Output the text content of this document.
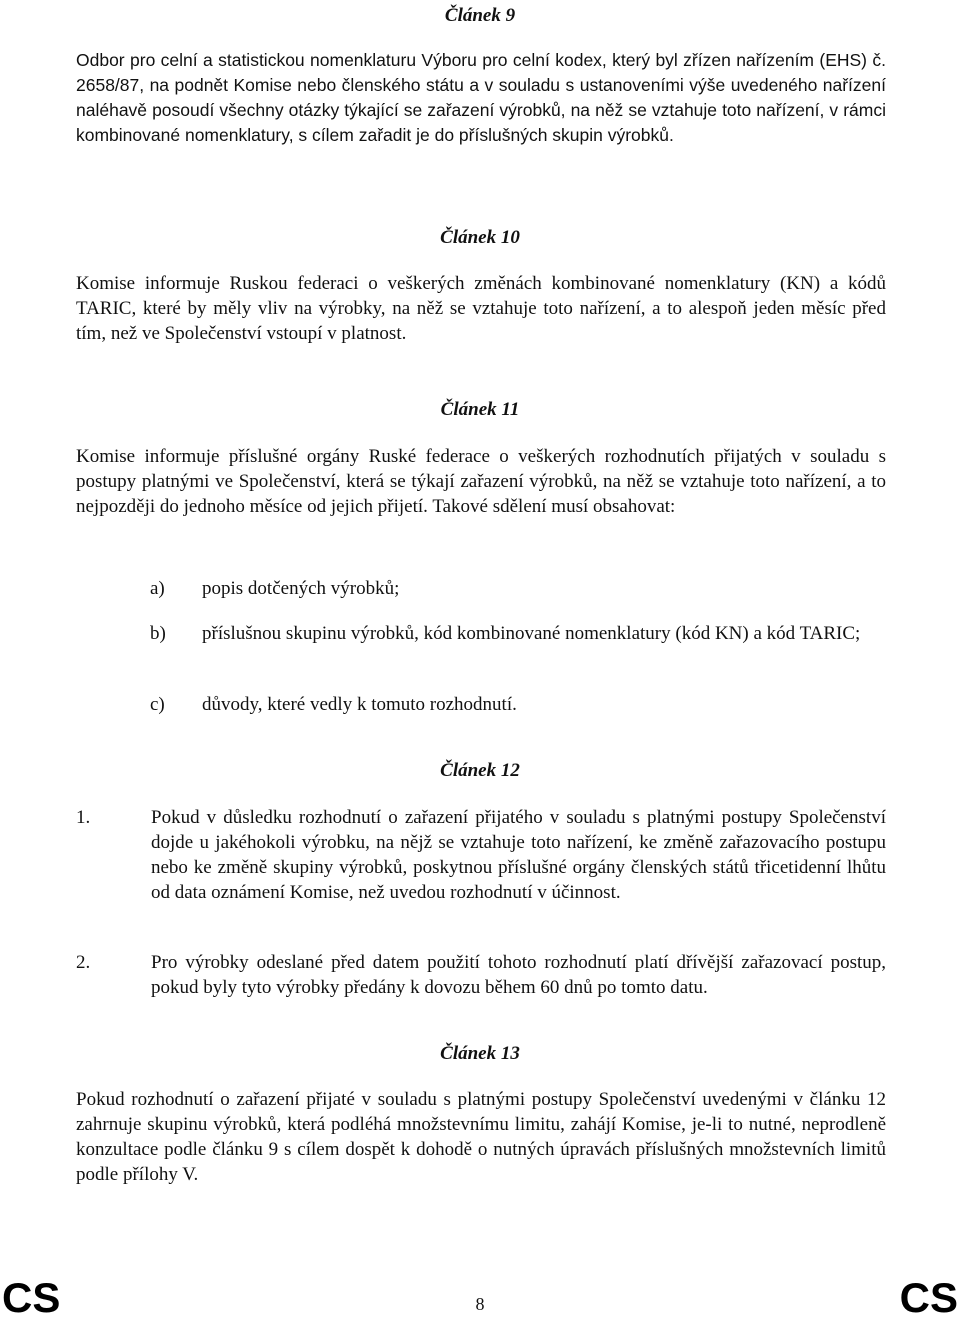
Článek 9

Odbor pro celní a statistickou nomenklaturu Výboru pro celní kodex, který byl zřízen nařízením (EHS) č. 2658/87, na podnět Komise nebo členského státu a v souladu s ustanoveními výše uvedeného nařízení naléhavě posoudí všechny otázky týkající se zařazení výrobků, na něž se vztahuje toto nařízení, v rámci kombinované nomenklatury, s cílem zařadit je do příslušných skupin výrobků.

Článek 10

Komise informuje Ruskou federaci o veškerých změnách kombinované nomenklatury (KN) a kódů TARIC, které by měly vliv na výrobky, na něž se vztahuje toto nařízení, a to alespoň jeden měsíc před tím, než ve Společenství vstoupí v platnost.

Článek 11

Komise informuje příslušné orgány Ruské federace o veškerých rozhodnutích přijatých v souladu s postupy platnými ve Společenství, která se týkají zařazení výrobků, na něž se vztahuje toto nařízení, a to nejpozději do jednoho měsíce od jejich přijetí. Takové sdělení musí obsahovat:

a)	popis dotčených výrobků;
b)	příslušnou skupinu výrobků, kód kombinované nomenklatury (kód KN) a kód TARIC;
c)	důvody, které vedly k tomuto rozhodnutí.
Článek 12
1.	Pokud v důsledku rozhodnutí o zařazení přijatého v souladu s platnými postupy Společenství dojde u jakéhokoli výrobku, na nějž se vztahuje toto nařízení, ke změně zařazovacího postupu nebo ke změně skupiny výrobků, poskytnou příslušné orgány členských států třicetidenní lhůtu od data oznámení Komise, než uvedou rozhodnutí v účinnost.
2.	Pro výrobky odeslané před datem použití tohoto rozhodnutí platí dřívější zařazovací postup, pokud byly tyto výrobky předány k dovozu během 60 dnů po tomto datu.
Článek 13

Pokud rozhodnutí o zařazení přijaté v souladu s platnými postupy Společenství uvedenými v článku 12 zahrnuje skupinu výrobků, která podléhá množstevnímu limitu, zahájí Komise, je-li to nutné, neprodleně konzultace podle článku 9 s cílem dospět k dohodě o nutných úpravách příslušných množstevních limitů podle přílohy V.

CS	8	CS
